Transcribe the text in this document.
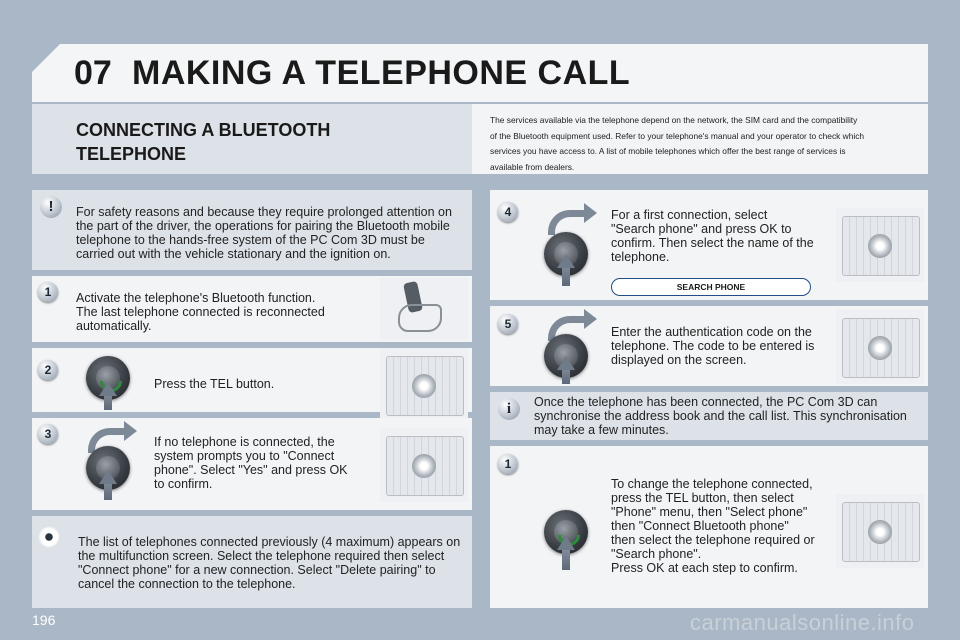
07 MAKING A TELEPHONE CALL
CONNECTING A BLUETOOTH
TELEPHONE
The services available via the telephone depend on the network, the SIM card and the compatibility
of the Bluetooth equipment used. Refer to your telephone's manual and your operator to check which
services you have access to. A list of mobile telephones which offer the best range of services is
available from dealers.
!	For safety reasons and because they require prolonged attention on
the part of the driver, the operations for pairing the Bluetooth mobile
telephone to the hands-free system of the PC Com 3D must be
carried out with the vehicle stationary and the ignition on.
1	Activate the telephone's Bluetooth function.
The last telephone connected is reconnected
automatically.
2
Press the TEL button.
3
If no telephone is connected, the
system prompts you to "Connect
phone". Select "Yes" and press OK
to confirm.
The list of telephones connected previously (4 maximum) appears on
the multifunction screen. Select the telephone required then select
"Connect phone" for a new connection. Select "Delete pairing" to
cancel the connection to the telephone.
4	For a first connection, select
"Search phone" and press OK to
confirm. Then select the name of the
telephone.
SEARCH PHONE
5
Enter the authentication code on the
telephone. The code to be entered is
displayed on the screen.
i	Once the telephone has been connected, the PC Com 3D can
synchronise the address book and the call list. This synchronisation
may take a few minutes.
1
To change the telephone connected,
press the TEL button, then select
"Phone" menu, then "Select phone"
then "Connect Bluetooth phone"
then select the telephone required or
"Search phone".
Press OK at each step to confirm.
196	carmanualsonline.info
